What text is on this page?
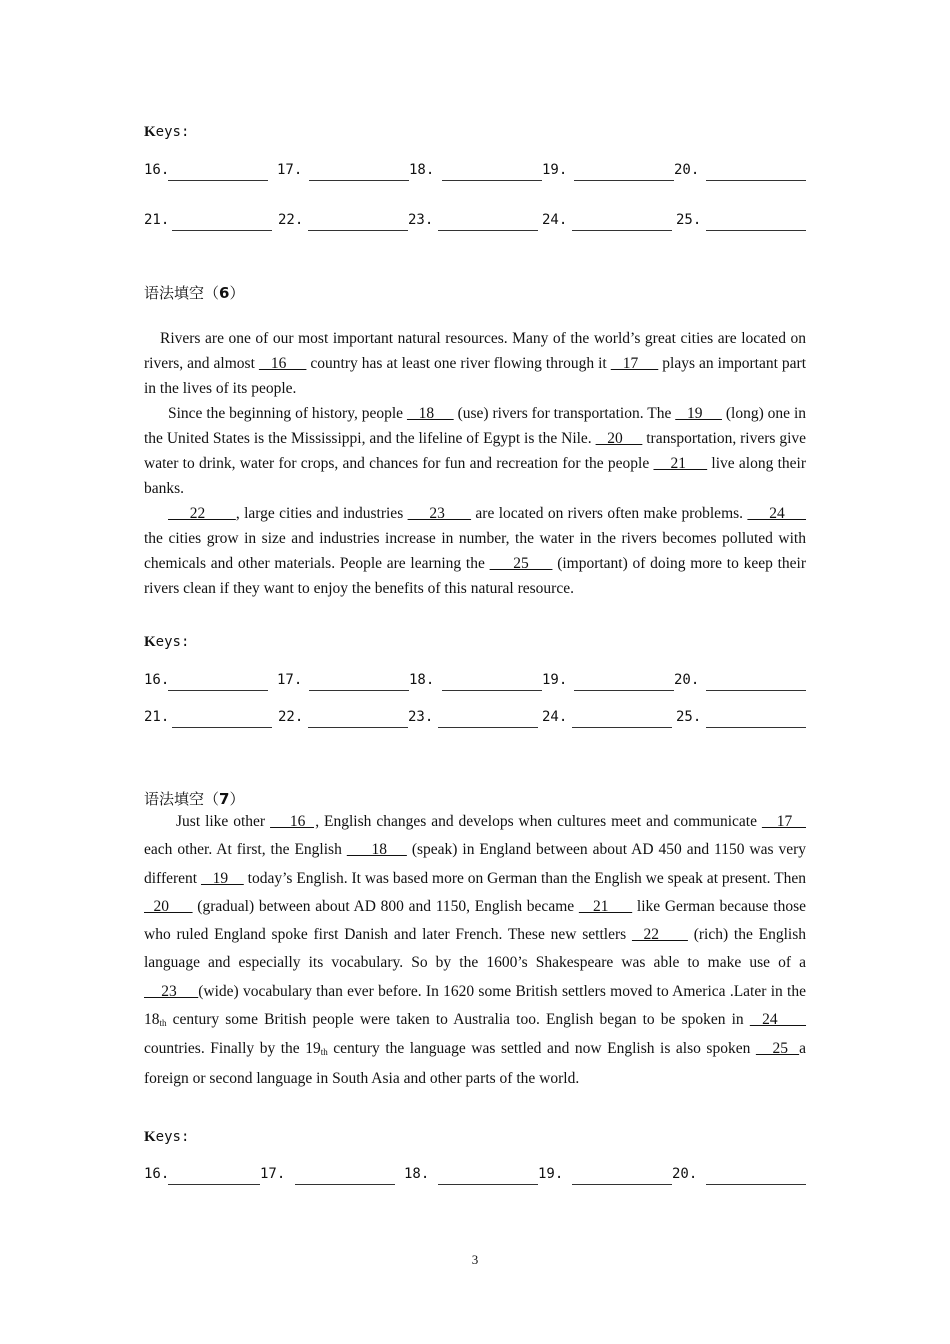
Keys:
16.	17.	18.	19.	20.
21.	22.	23.	24.	25.
语法填空（6）

Rivers are one of our most important natural resources. Many of the world’s great cities are located on rivers, and almost    16      country has at least one river flowing through it    17      plays an important part in the lives of its people.

Since the beginning of history, people    18      (use) rivers for transportation. The    19      (long) one in the United States is the Mississippi, and the lifeline of Egypt is the Nile.    20      transportation, rivers give water to drink, water for crops, and chances for fun and recreation for the people     21      live along their banks.

22       , large cities and industries      23       are located on rivers often make problems.      24      the cities grow in size and industries increase in number, the water in the rivers becomes polluted with chemicals and other materials. People are learning the      25      (important) of doing more to keep their rivers clean if they want to enjoy the benefits of this natural resource.

Keys:
16.	17.	18.	19.	20.
21.	22.	23.	24.	25.
语法填空（7）

Just like other     16  , English changes and develops when cultures meet and communicate    17    each other. At first, the English      18     (speak) in England between about AD 450 and 1150 was very different    19     today’s English. It was based more on German than the English we speak at present. Then   20      (gradual) between about AD 800 and 1150, English became    21      like German because those who ruled England spoke first Danish and later French. These new settlers   22      (rich) the English language and especially its vocabulary. So by the 1600’s Shakespeare was able to make use of a     23     (wide) vocabulary than ever before. In 1620 some British settlers moved to America .Later in the $18_{th}$ century some British people were taken to Australia too. English began to be spoken in   24      countries. Finally by the $19_{th}$ century the language was settled and now English is also spoken    25  a foreign or second language in South Asia and other parts of the world.

Keys:
16.	17.	18.	19.	20.
3
